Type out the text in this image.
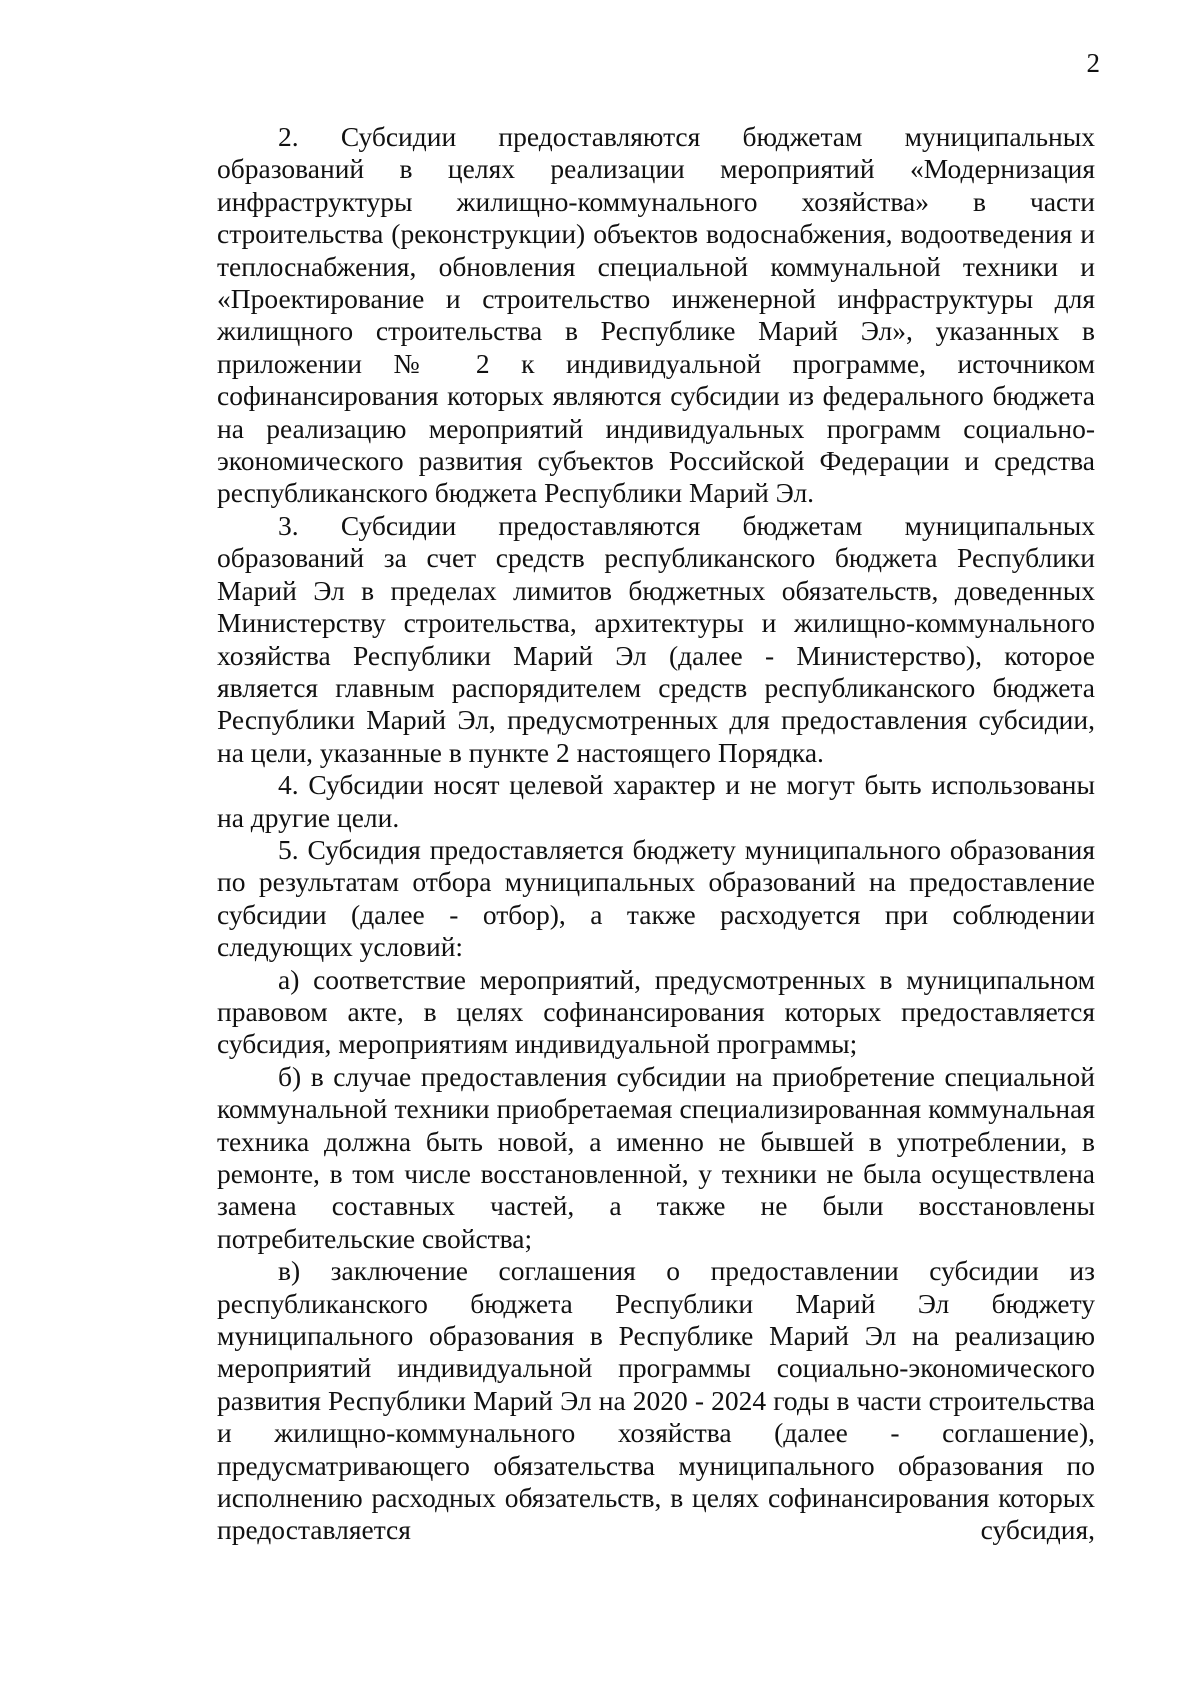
2

2. Субсидии предоставляются бюджетам муниципальных образований в целях реализации мероприятий «Модернизация инфраструктуры жилищно-коммунального хозяйства» в части строительства (реконструкции) объектов водоснабжения, водоотведения и теплоснабжения, обновления специальной коммунальной техники и «Проектирование и строительство инженерной инфраструктуры для жилищного строительства в Республике Марий Эл», указанных в приложении № 2 к индивидуальной программе, источником софинансирования которых являются субсидии из федерального бюджета на реализацию мероприятий индивидуальных программ социально-экономического развития субъектов Российской Федерации и средства республиканского бюджета Республики Марий Эл.

3. Субсидии предоставляются бюджетам муниципальных образований за счет средств республиканского бюджета Республики Марий Эл в пределах лимитов бюджетных обязательств, доведенных Министерству строительства, архитектуры и жилищно-коммунального хозяйства Республики Марий Эл (далее - Министерство), которое является главным распорядителем средств республиканского бюджета Республики Марий Эл, предусмотренных для предоставления субсидии, на цели, указанные в пункте 2 настоящего Порядка.

4. Субсидии носят целевой характер и не могут быть использованы на другие цели.

5. Субсидия предоставляется бюджету муниципального образования по результатам отбора муниципальных образований на предоставление субсидии (далее - отбор), а также расходуется при соблюдении следующих условий:

а) соответствие мероприятий, предусмотренных в муниципальном правовом акте, в целях софинансирования которых предоставляется субсидия, мероприятиям индивидуальной программы;

б) в случае предоставления субсидии на приобретение специальной коммунальной техники приобретаемая специализированная коммунальная техника должна быть новой, а именно не бывшей в употреблении, в ремонте, в том числе восстановленной, у техники не была осуществлена замена составных частей, а также не были восстановлены потребительские свойства;

в) заключение соглашения о предоставлении субсидии из республиканского бюджета Республики Марий Эл бюджету муниципального образования в Республике Марий Эл на реализацию мероприятий индивидуальной программы социально-экономического развития Республики Марий Эл на 2020 - 2024 годы в части строительства и жилищно-коммунального хозяйства (далее - соглашение), предусматривающего обязательства муниципального образования по исполнению расходных обязательств, в целях софинансирования которых предоставляется субсидия,
